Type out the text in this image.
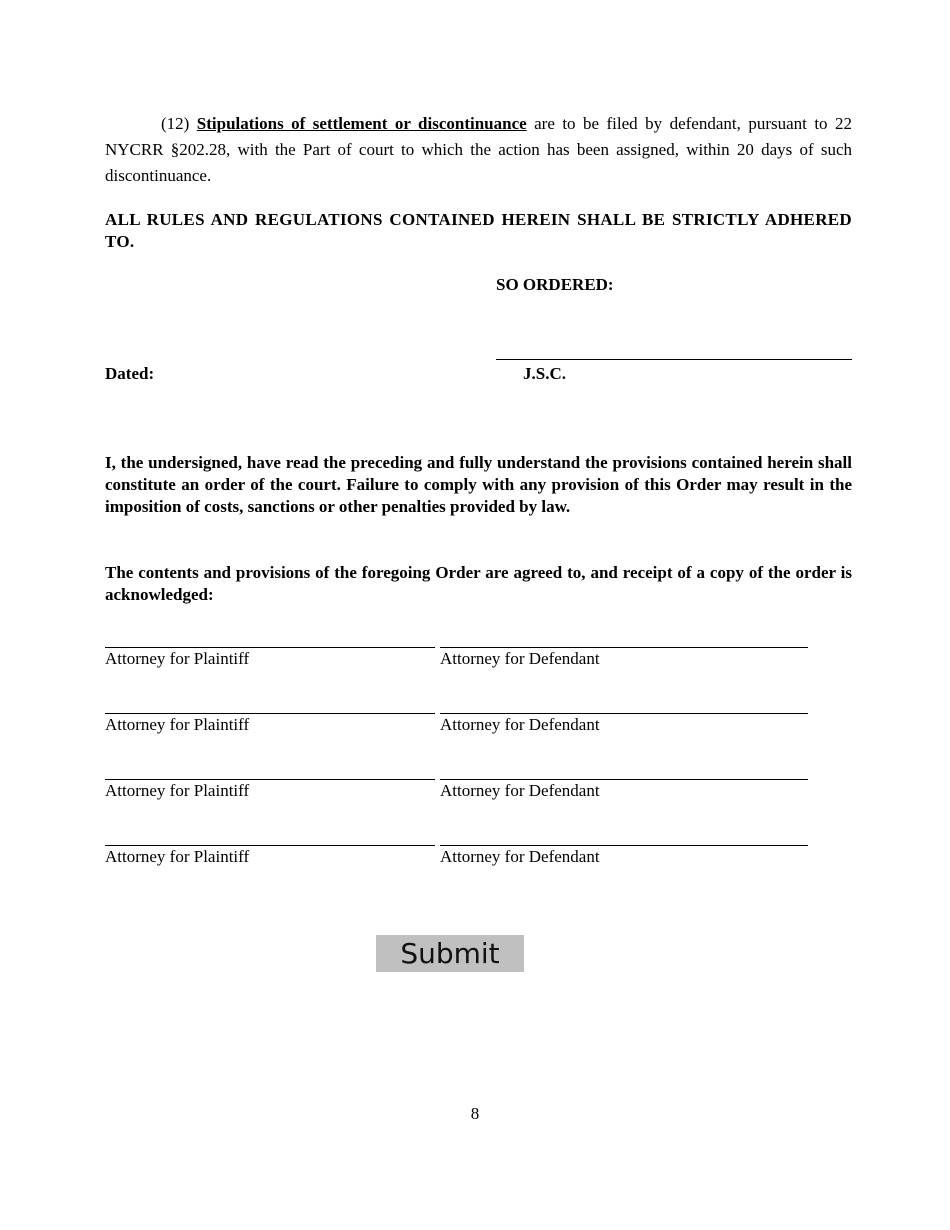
(12) Stipulations of settlement or discontinuance are to be filed by defendant, pursuant to 22 NYCRR §202.28, with the Part of court to which the action has been assigned, within 20 days of such discontinuance.
ALL RULES AND REGULATIONS CONTAINED HEREIN SHALL BE STRICTLY ADHERED TO.
SO ORDERED:
Dated:	J.S.C.
I, the undersigned, have read the preceding and fully understand the provisions contained herein shall constitute an order of the court. Failure to comply with any provision of this Order may result in the imposition of costs, sanctions or other penalties provided by law.
The contents and provisions of the foregoing Order are agreed to, and receipt of a copy of the order is acknowledged:
Attorney for Plaintiff	Attorney for Defendant
Attorney for Plaintiff	Attorney for Defendant
Attorney for Plaintiff	Attorney for Defendant
Attorney for Plaintiff	Attorney for Defendant
Submit
8
